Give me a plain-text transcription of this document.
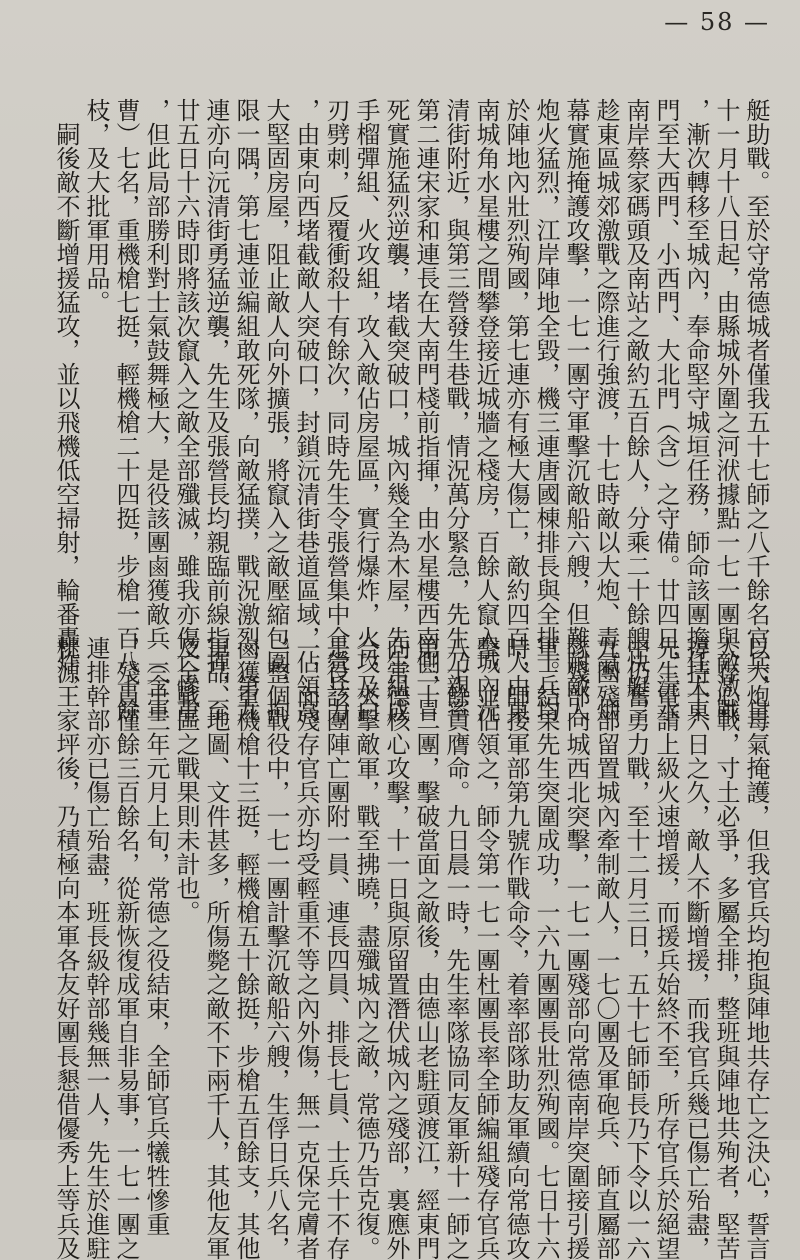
— 58 —

艇助戰。至於守常德城者僅我五十七師之八千餘名官兵，自

十一月十八日起，由縣城外圍之河洑據點一七一團與敵激戰

，漸次轉移至城內，奉命堅守城垣任務，師命該團擔任大東

門至大西門、小西門、大北門（含）之守備。廿四日，沅水

南岸蔡家碼頭及南站之敵約五百餘人，分乘二十餘艘快艇，

趁東區城郊激戰之際進行強渡，十七時敵以大炮、毒氣、烟

幕實施掩護攻擊，一七一團守軍擊沉敵船六艘，但難耐敵人

炮火猛烈，江岸陣地全毀，機三連唐國棟排長與全排士兵均

於陣地內壯烈殉國，第七連亦有極大傷亡，敵約四百人由東

南城角水星樓之間攀登接近城牆之棧房，百餘人竄入城內沅

清街附近，與第三營發生巷戰，情況萬分緊急，先生乃親率

第二連宋家和連長在大南門棧前指揮，由水星樓西南側，冒

死實施猛烈逆襲，堵截突破口，城內幾全為木屋，先生組成

手榴彈組、火攻組，攻入敵佔房屋區，實行爆炸，火攻及白

刃劈刺，反覆衝殺十有餘次，同時先生令張營集中全營兵力

，由東向西堵截敵人突破口，封鎖沅清街巷道區域，佔領高

大堅固房屋，阻止敵人向外擴張，將竄入之敵壓縮包圍，拘

限一隅，第七連並編組敢死隊，向敵猛撲，戰況激烈，第九

連亦向沅清街勇猛逆襲，先生及張營長均親臨前線指揮，至

廿五日十六時即將該次竄入之敵全部殲滅，雖我亦傷亡慘重

，但此局部勝利對士氣鼓舞極大，是役該團鹵獲敵兵（含軍

曹）七名，重機槍七挺，輕機槍二十四挺，步槍一百八十餘

枝，及大批軍用品。

　嗣後敵不斷增援猛攻，並以飛機低空掃射，輪番轟炸，

以大炮毒氣掩護，但我官兵均抱與陣地共存亡之決心，誓言

人存心戰，寸土必爭，多屬全排，整班與陣地共殉者，堅苦

撐持十六日之久，敵人不斷增援，而我官兵幾已傷亡殆盡，

先生電請上級火速增援，而援兵始終不至，所存官兵於絕望

中仍奮勇力戰，至十二月三日，五十七師師長乃下令以一六

九團殘部留置城內牽制敵人，一七〇團及軍砲兵、師直屬部

隊殘部向城西北突擊，一七一團殘部向常德南岸突圍接引援

軍。結果先生突圍成功，一六九團團長壯烈殉國。七日十六

時，師接軍部第九號作戰命令，着率部隊助友軍續向常德攻

擊，並佔領之，師令第一七一團杜團長率全師編組殘存官兵

八十餘員膺命。九日晨一時，先生率隊協同友軍新十一師之

第三十二團，擊破當面之敵後，由德山老駐頭渡江，經東門

向常德核心攻擊，十一日與原留置潛伏城內之殘部，裏應外

合，夾擊敵軍，戰至拂曉，盡殲城內之敵，常德乃告克復。

是役該團陣亡團附一員、連長四員、排長七員、士兵十不存

一，而殘存官兵亦均受輕重不等之內外傷，無一克保完膚者

，整個戰役中，一七一團計擊沉敵船六艘，生俘日兵八名，

鹵獲重機槍十三挺，輕機槍五十餘挺，步槍五百餘支，其他

軍品、地圖、文件甚多，所傷斃之敵不下兩千人，其他友軍

及全戰區之戰果則未計也。

　三十三年元月上旬，常德之役結束，全師官兵犧牲慘重

，殘員僅餘三百餘名，從新恢復成軍自非易事，一七一團之

連排幹部亦已傷亡殆盡，班長級幹部幾無一人，先生於進駐

桃源王家坪後，乃積極向本軍各友好團長懇借優秀上等兵及
